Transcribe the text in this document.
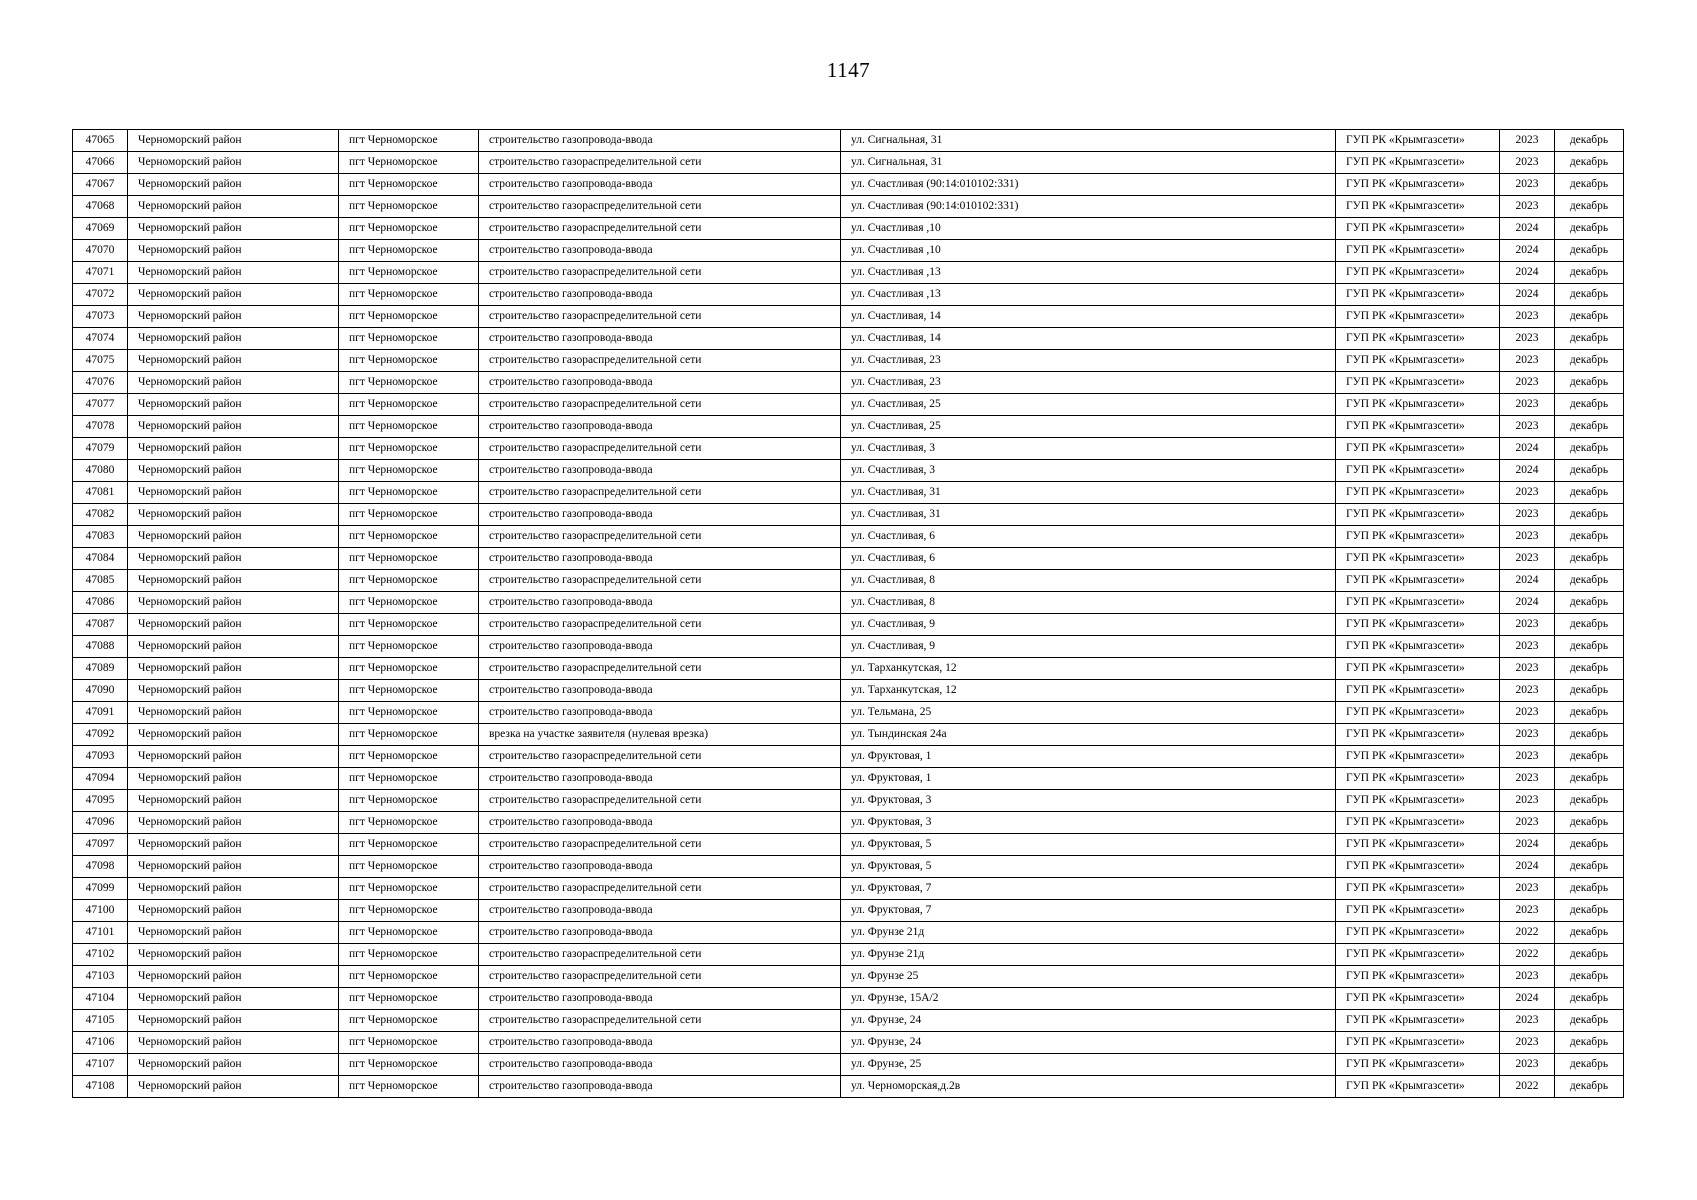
1147
47065	Черноморский район	пгт Черноморское	строительство газопровода-ввода	ул. Сигнальная, 31	ГУП РК «Крымгазсети»	2023	декабрь
47066	Черноморский район	пгт Черноморское	строительство газораспределительной сети	ул. Сигнальная, 31	ГУП РК «Крымгазсети»	2023	декабрь
47067	Черноморский район	пгт Черноморское	строительство газопровода-ввода	ул. Счастливая (90:14:010102:331)	ГУП РК «Крымгазсети»	2023	декабрь
47068	Черноморский район	пгт Черноморское	строительство газораспределительной сети	ул. Счастливая (90:14:010102:331)	ГУП РК «Крымгазсети»	2023	декабрь
47069	Черноморский район	пгт Черноморское	строительство газораспределительной сети	ул. Счастливая ,10	ГУП РК «Крымгазсети»	2024	декабрь
47070	Черноморский район	пгт Черноморское	строительство газопровода-ввода	ул. Счастливая ,10	ГУП РК «Крымгазсети»	2024	декабрь
47071	Черноморский район	пгт Черноморское	строительство газораспределительной сети	ул. Счастливая ,13	ГУП РК «Крымгазсети»	2024	декабрь
47072	Черноморский район	пгт Черноморское	строительство газопровода-ввода	ул. Счастливая ,13	ГУП РК «Крымгазсети»	2024	декабрь
47073	Черноморский район	пгт Черноморское	строительство газораспределительной сети	ул. Счастливая, 14	ГУП РК «Крымгазсети»	2023	декабрь
47074	Черноморский район	пгт Черноморское	строительство газопровода-ввода	ул. Счастливая, 14	ГУП РК «Крымгазсети»	2023	декабрь
47075	Черноморский район	пгт Черноморское	строительство газораспределительной сети	ул. Счастливая, 23	ГУП РК «Крымгазсети»	2023	декабрь
47076	Черноморский район	пгт Черноморское	строительство газопровода-ввода	ул. Счастливая, 23	ГУП РК «Крымгазсети»	2023	декабрь
47077	Черноморский район	пгт Черноморское	строительство газораспределительной сети	ул. Счастливая, 25	ГУП РК «Крымгазсети»	2023	декабрь
47078	Черноморский район	пгт Черноморское	строительство газопровода-ввода	ул. Счастливая, 25	ГУП РК «Крымгазсети»	2023	декабрь
47079	Черноморский район	пгт Черноморское	строительство газораспределительной сети	ул. Счастливая, 3	ГУП РК «Крымгазсети»	2024	декабрь
47080	Черноморский район	пгт Черноморское	строительство газопровода-ввода	ул. Счастливая, 3	ГУП РК «Крымгазсети»	2024	декабрь
47081	Черноморский район	пгт Черноморское	строительство газораспределительной сети	ул. Счастливая, 31	ГУП РК «Крымгазсети»	2023	декабрь
47082	Черноморский район	пгт Черноморское	строительство газопровода-ввода	ул. Счастливая, 31	ГУП РК «Крымгазсети»	2023	декабрь
47083	Черноморский район	пгт Черноморское	строительство газораспределительной сети	ул. Счастливая, 6	ГУП РК «Крымгазсети»	2023	декабрь
47084	Черноморский район	пгт Черноморское	строительство газопровода-ввода	ул. Счастливая, 6	ГУП РК «Крымгазсети»	2023	декабрь
47085	Черноморский район	пгт Черноморское	строительство газораспределительной сети	ул. Счастливая, 8	ГУП РК «Крымгазсети»	2024	декабрь
47086	Черноморский район	пгт Черноморское	строительство газопровода-ввода	ул. Счастливая, 8	ГУП РК «Крымгазсети»	2024	декабрь
47087	Черноморский район	пгт Черноморское	строительство газораспределительной сети	ул. Счастливая, 9	ГУП РК «Крымгазсети»	2023	декабрь
47088	Черноморский район	пгт Черноморское	строительство газопровода-ввода	ул. Счастливая, 9	ГУП РК «Крымгазсети»	2023	декабрь
47089	Черноморский район	пгт Черноморское	строительство газораспределительной сети	ул. Тарханкутская, 12	ГУП РК «Крымгазсети»	2023	декабрь
47090	Черноморский район	пгт Черноморское	строительство газопровода-ввода	ул. Тарханкутская, 12	ГУП РК «Крымгазсети»	2023	декабрь
47091	Черноморский район	пгт Черноморское	строительство газопровода-ввода	ул. Тельмана, 25	ГУП РК «Крымгазсети»	2023	декабрь
47092	Черноморский район	пгт Черноморское	врезка на участке заявителя (нулевая врезка)	ул. Тындинская 24а	ГУП РК «Крымгазсети»	2023	декабрь
47093	Черноморский район	пгт Черноморское	строительство газораспределительной сети	ул. Фруктовая, 1	ГУП РК «Крымгазсети»	2023	декабрь
47094	Черноморский район	пгт Черноморское	строительство газопровода-ввода	ул. Фруктовая, 1	ГУП РК «Крымгазсети»	2023	декабрь
47095	Черноморский район	пгт Черноморское	строительство газораспределительной сети	ул. Фруктовая, 3	ГУП РК «Крымгазсети»	2023	декабрь
47096	Черноморский район	пгт Черноморское	строительство газопровода-ввода	ул. Фруктовая, 3	ГУП РК «Крымгазсети»	2023	декабрь
47097	Черноморский район	пгт Черноморское	строительство газораспределительной сети	ул. Фруктовая, 5	ГУП РК «Крымгазсети»	2024	декабрь
47098	Черноморский район	пгт Черноморское	строительство газопровода-ввода	ул. Фруктовая, 5	ГУП РК «Крымгазсети»	2024	декабрь
47099	Черноморский район	пгт Черноморское	строительство газораспределительной сети	ул. Фруктовая, 7	ГУП РК «Крымгазсети»	2023	декабрь
47100	Черноморский район	пгт Черноморское	строительство газопровода-ввода	ул. Фруктовая, 7	ГУП РК «Крымгазсети»	2023	декабрь
47101	Черноморский район	пгт Черноморское	строительство газопровода-ввода	ул. Фрунзе 21д	ГУП РК «Крымгазсети»	2022	декабрь
47102	Черноморский район	пгт Черноморское	строительство газораспределительной сети	ул. Фрунзе 21д	ГУП РК «Крымгазсети»	2022	декабрь
47103	Черноморский район	пгт Черноморское	строительство газораспределительной сети	ул. Фрунзе 25	ГУП РК «Крымгазсети»	2023	декабрь
47104	Черноморский район	пгт Черноморское	строительство газопровода-ввода	ул. Фрунзе, 15А/2	ГУП РК «Крымгазсети»	2024	декабрь
47105	Черноморский район	пгт Черноморское	строительство газораспределительной сети	ул. Фрунзе, 24	ГУП РК «Крымгазсети»	2023	декабрь
47106	Черноморский район	пгт Черноморское	строительство газопровода-ввода	ул. Фрунзе, 24	ГУП РК «Крымгазсети»	2023	декабрь
47107	Черноморский район	пгт Черноморское	строительство газопровода-ввода	ул. Фрунзе, 25	ГУП РК «Крымгазсети»	2023	декабрь
47108	Черноморский район	пгт Черноморское	строительство газопровода-ввода	ул. Черноморская,д.2в	ГУП РК «Крымгазсети»	2022	декабрь
